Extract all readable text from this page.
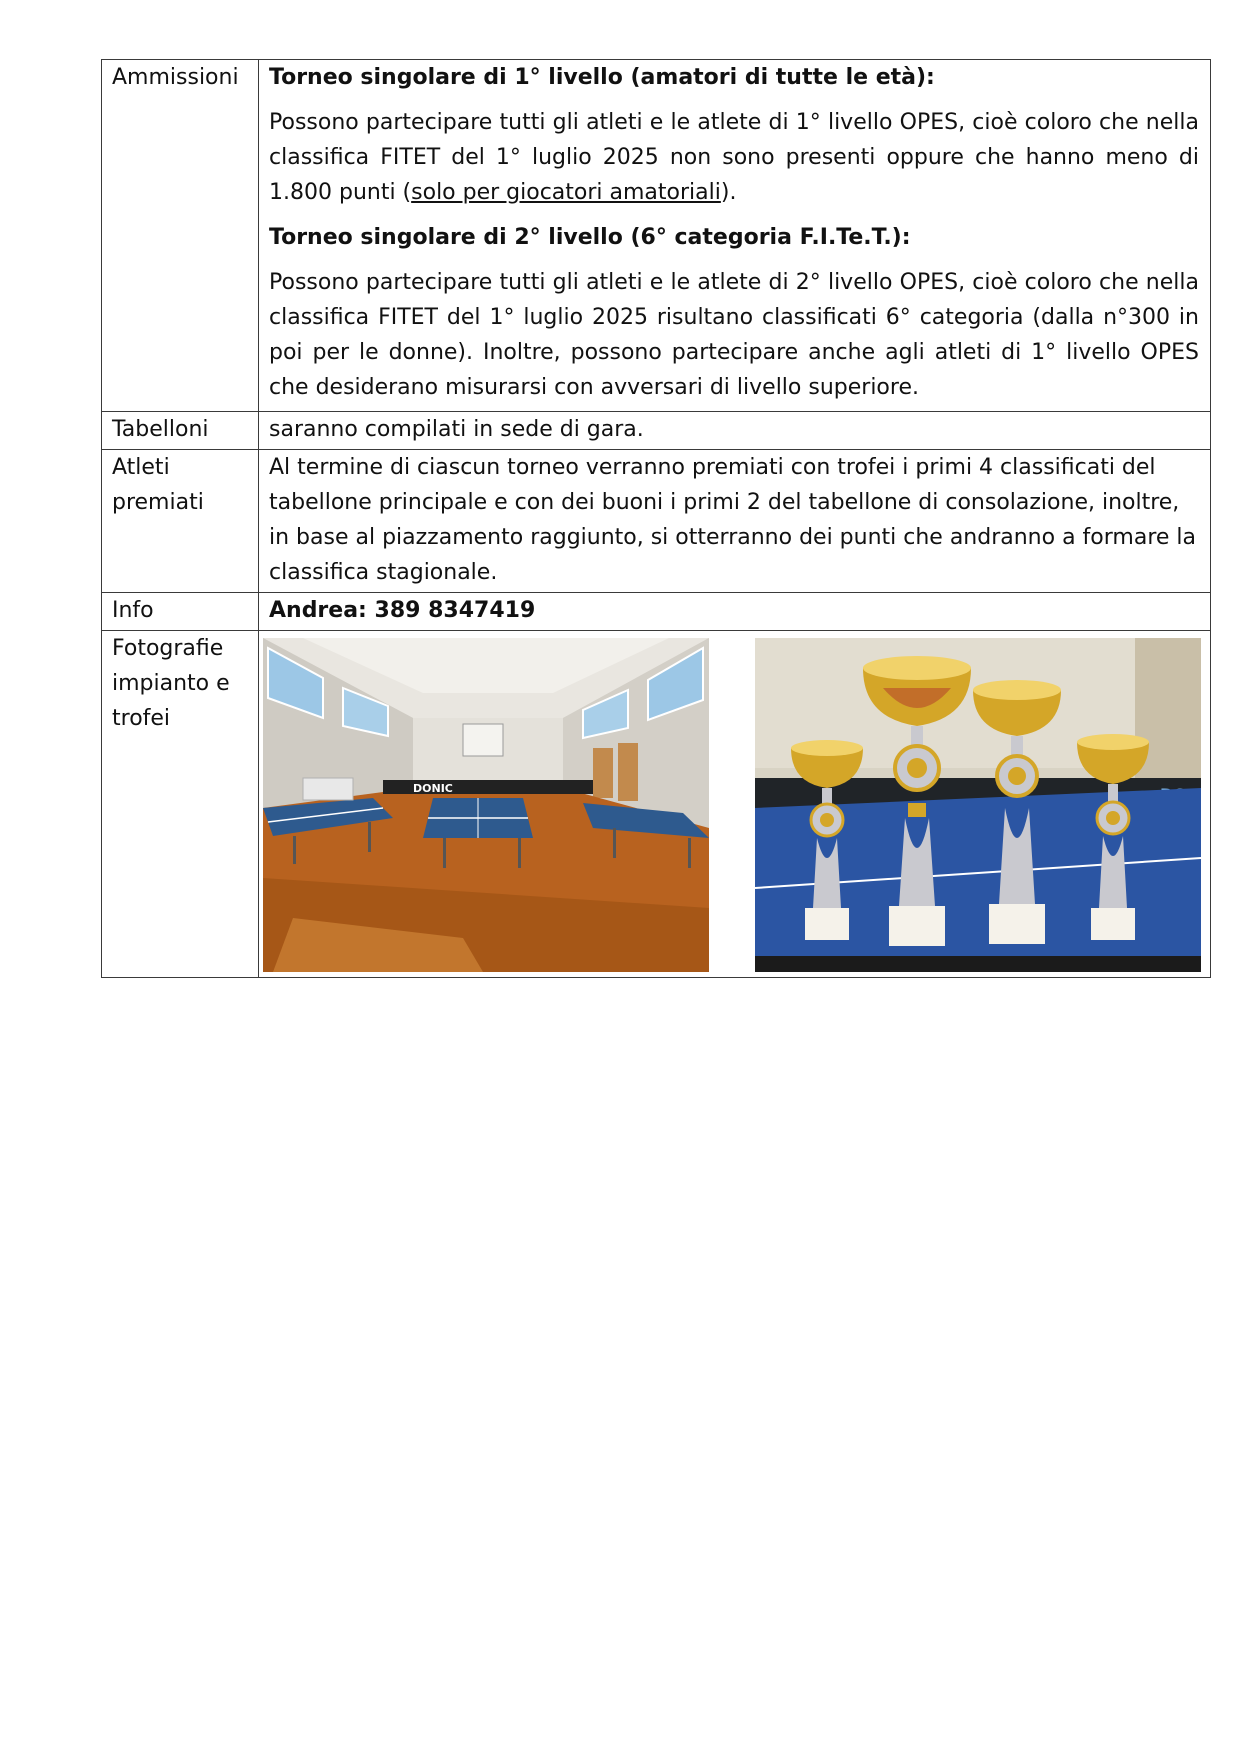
Ammissioni	Torneo singolare di 1° livello (amatori di tutte le età):

Possono partecipare tutti gli atleti e le atlete di 1° livello OPES, cioè coloro che nella classifica FITET del 1° luglio 2025 non sono presenti oppure che hanno meno di 1.800 punti (solo per giocatori amatoriali).

Torneo singolare di 2° livello (6° categoria F.I.Te.T.):

Possono partecipare tutti gli atleti e le atlete di 2° livello OPES, cioè coloro che nella classifica FITET del 1° luglio 2025 risultano classificati 6° categoria (dalla n°300 in poi per le donne). Inoltre, possono partecipare anche agli atleti di 1° livello OPES che desiderano misurarsi con avversari di livello superiore.

Tabelloni	saranno compilati in sede di gara.

Atleti premiati	Al termine di ciascun torneo verranno premiati con trofei i primi 4 classificati del tabellone principale e con dei buoni i primi 2 del tabellone di consolazione, inoltre, in base al piazzamento raggiunto, si otterranno dei punti che andranno a formare la classifica stagionale.

Info	Andrea: 389 8347419

Fotografie impianto e trofei	DONIC
